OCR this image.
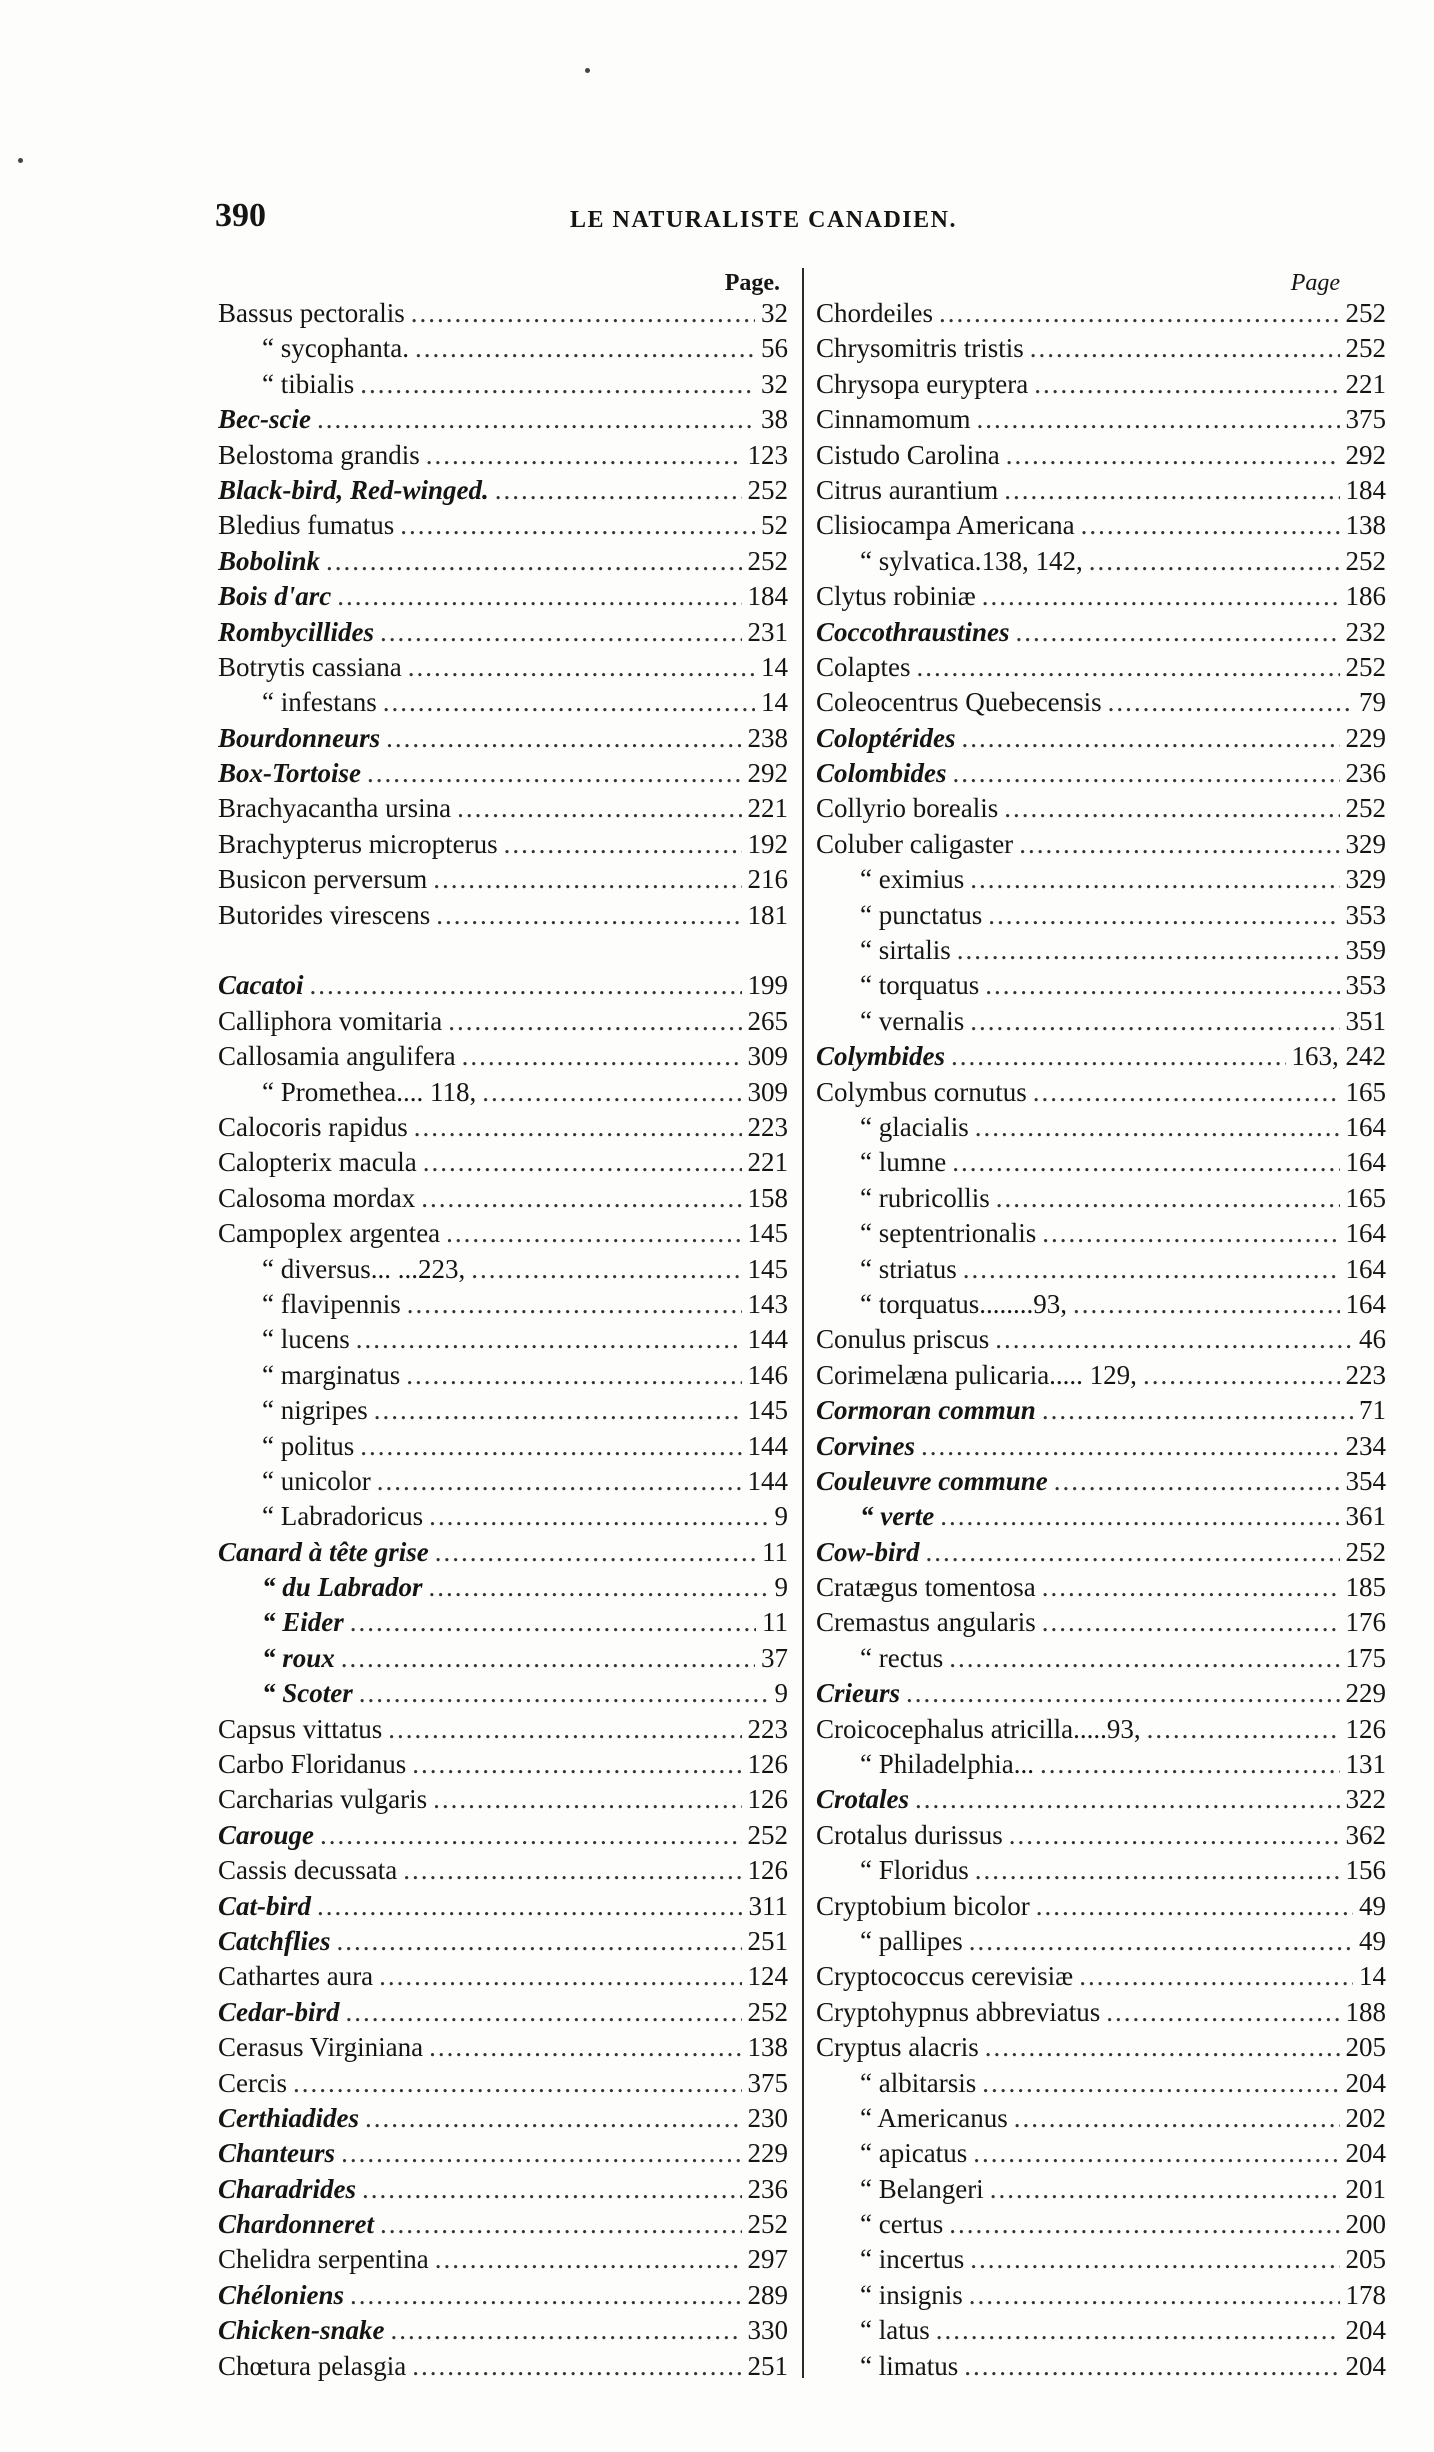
390	LE NATURALISTE CANADIEN.
Page.	Page
Bassus pectoralis .....	32
“ sycophanta. .....	56
“ tibialis .....	32
Bec-scie .....	38
Belostoma grandis .....	123
Black-bird, Red-winged. .....	252
Bledius fumatus .....	52
Bobolink .....	252
Bois d'arc .....	184
Rombycillides .....	231
Botrytis cassiana .....	14
“ infestans .....	14
Bourdonneurs .....	238
Box-Tortoise .....	292
Brachyacantha ursina .....	221
Brachypterus micropterus .....	192
Busicon perversum .....	216
Butorides virescens .....	181
Cacatoi .....	199
Calliphora vomitaria .....	265
Callosamia angulifera .....	309
“ Promethea.... 118, .....	309
Calocoris rapidus .....	223
Calopterix macula .....	221
Calosoma mordax .....	158
Campoplex argentea .....	145
“ diversus... ...223, .....	145
“ flavipennis .....	143
“ lucens .....	144
“ marginatus .....	146
“ nigripes .....	145
“ politus .....	144
“ unicolor .....	144
“ Labradoricus .....	9
Canard à tête grise .....	11
“ du Labrador .....	9
“ Eider .....	11
“ roux .....	37
“ Scoter .....	9
Capsus vittatus .....	223
Carbo Floridanus .....	126
Carcharias vulgaris .....	126
Carouge .....	252
Cassis decussata .....	126
Cat-bird .....	311
Catchflies .....	251
Cathartes aura .....	124
Cedar-bird .....	252
Cerasus Virginiana .....	138
Cercis .....	375
Certhiadides .....	230
Chanteurs .....	229
Charadrides .....	236
Chardonneret .....	252
Chelidra serpentina .....	297
Chéloniens .....	289
Chicken-snake .....	330
Chœtura pelasgia .....	251
Chordeiles .....	252
Chrysomitris tristis .....	252
Chrysopa euryptera .....	221
Cinnamomum .....	375
Cistudo Carolina .....	292
Citrus aurantium .....	184
Clisiocampa Americana .....	138
“ sylvatica.138, 142, .....	252
Clytus robiniæ .....	186
Coccothraustines .....	232
Colaptes .....	252
Coleocentrus Quebecensis .....	79
Coloptérides .....	229
Colombides .....	236
Collyrio borealis .....	252
Coluber caligaster .....	329
“ eximius .....	329
“ punctatus .....	353
“ sirtalis .....	359
“ torquatus .....	353
“ vernalis .....	351
Colymbides .....	163, 242
Colymbus cornutus .....	165
“ glacialis .....	164
“ lumne .....	164
“ rubricollis .....	165
“ septentrionalis .....	164
“ striatus .....	164
“ torquatus........93, .....	164
Conulus priscus .....	46
Corimelæna pulicaria..... 129, .....	223
Cormoran commun .....	71
Corvines .....	234
Couleuvre commune .....	354
“ verte .....	361
Cow-bird .....	252
Cratægus tomentosa .....	185
Cremastus angularis .....	176
“ rectus .....	175
Crieurs .....	229
Croicocephalus atricilla.....93, .....	126
“ Philadelphia... .....	131
Crotales .....	322
Crotalus durissus .....	362
“ Floridus .....	156
Cryptobium bicolor .....	49
“ pallipes .....	49
Cryptococcus cerevisiæ .....	14
Cryptohypnus abbreviatus .....	188
Cryptus alacris .....	205
“ albitarsis .....	204
“ Americanus .....	202
“ apicatus .....	204
“ Belangeri .....	201
“ certus .....	200
“ incertus .....	205
“ insignis .....	178
“ latus .....	204
“ limatus .....	204
